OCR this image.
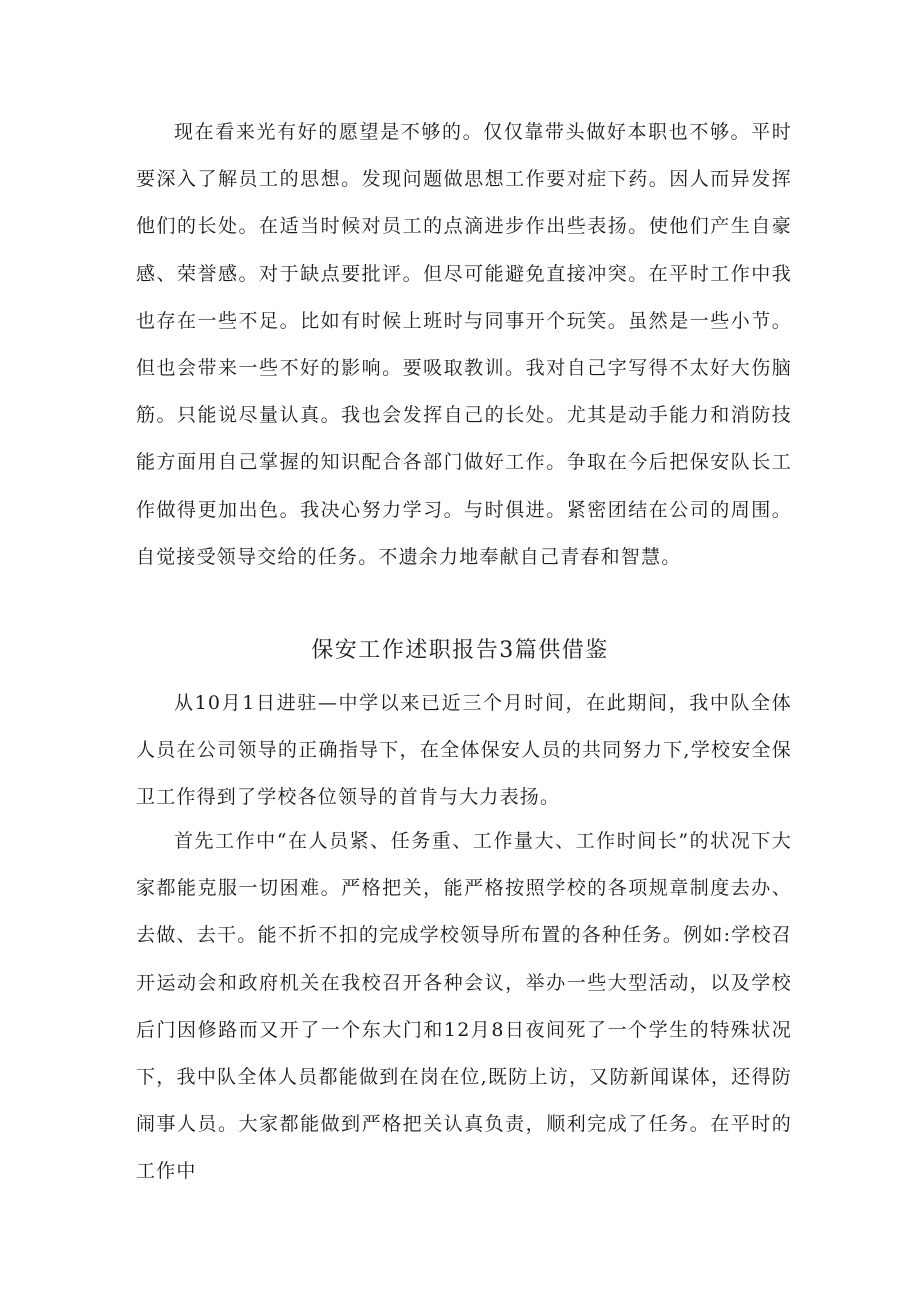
现在看来光有好的愿望是不够的。仅仅靠带头做好本职也不够。平时要深入了解员工的思想。发现问题做思想工作要对症下药。因人而异发挥他们的长处。在适当时候对员工的点滴进步作出些表扬。使他们产生自豪感、荣誉感。对于缺点要批评。但尽可能避免直接冲突。在平时工作中我也存在一些不足。比如有时候上班时与同事开个玩笑。虽然是一些小节。但也会带来一些不好的影响。要吸取教训。我对自己字写得不太好大伤脑筋。只能说尽量认真。我也会发挥自己的长处。尤其是动手能力和消防技能方面用自己掌握的知识配合各部门做好工作。争取在今后把保安队长工作做得更加出色。我决心努力学习。与时俱进。紧密团结在公司的周围。自觉接受领导交给的任务。不遗余力地奉献自己青春和智慧。

保安工作述职报告3篇供借鉴

从10月1日进驻—中学以来已近三个月时间，在此期间，我中队全体人员在公司领导的正确指导下，在全体保安人员的共同努力下,学校安全保卫工作得到了学校各位领导的首肯与大力表扬。

首先工作中“在人员紧、任务重、工作量大、工作时间长”的状况下大家都能克服一切困难。严格把关，能严格按照学校的各项规章制度去办、去做、去干。能不折不扣的完成学校领导所布置的各种任务。例如:学校召开运动会和政府机关在我校召开各种会议，举办一些大型活动，以及学校后门因修路而又开了一个东大门和12月8日夜间死了一个学生的特殊状况下，我中队全体人员都能做到在岗在位,既防上访，又防新闻谋体，还得防闹事人员。大家都能做到严格把关认真负责，顺利完成了任务。在平时的工作中
